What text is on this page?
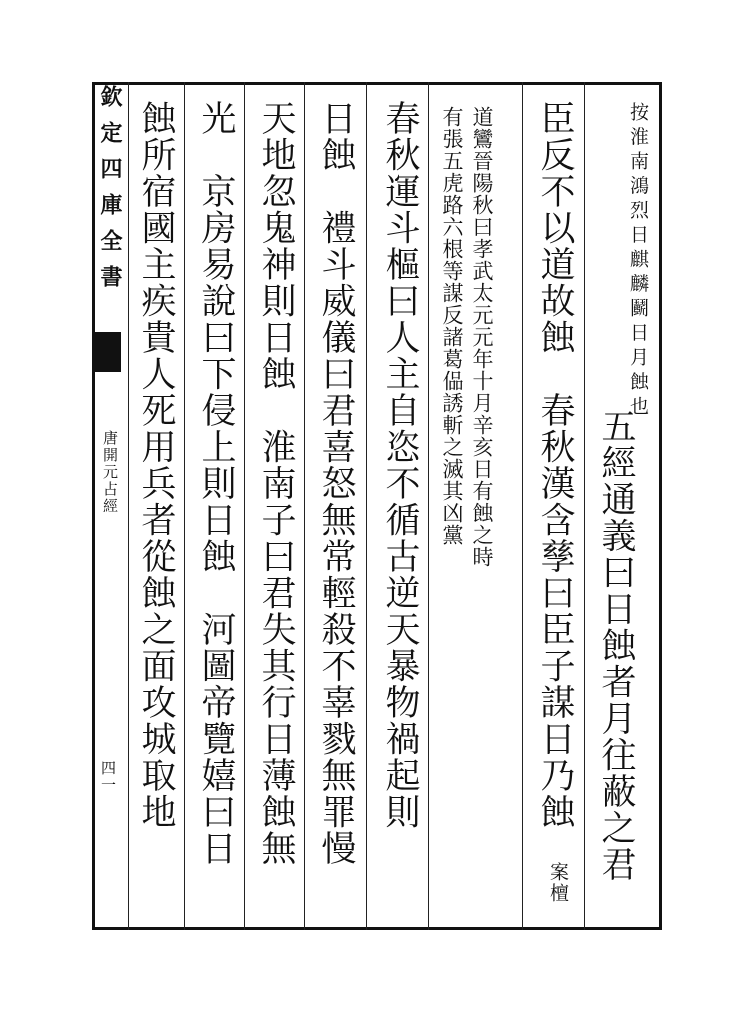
欽定四庫全書
唐開元占經
四一	五經通義曰日蝕者月往蔽之君
按淮南鴻烈日麒麟鬬日月蝕也
臣反不以道故蝕　春秋漢含孳曰臣子謀日乃蝕
案檀
道鸞晉陽秋曰孝武太元元年十月辛亥日有蝕之時
有張五虎路六根等謀反諸葛偘誘斬之滅其凶黨
春秋運斗樞曰人主自恣不循古逆天暴物禍起則
日蝕　禮斗威儀曰君喜怒無常輕殺不辜戮無罪慢
天地忽鬼神則日蝕　淮南子曰君失其行日薄蝕無
光　京房易說曰下侵上則日蝕　河圖帝覽嬉曰日
蝕所宿國主疾貴人死用兵者從蝕之面攻城取地
